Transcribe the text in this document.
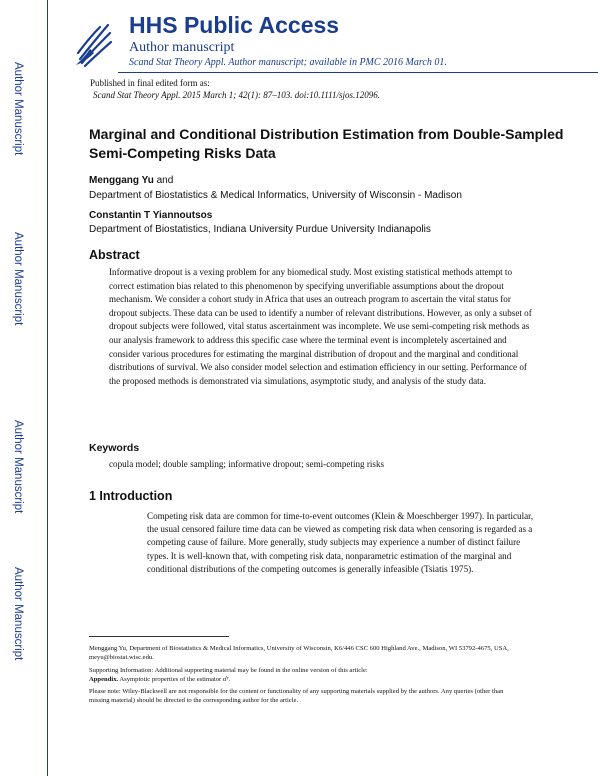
Author Manuscript
Author Manuscript
Author Manuscript
Author Manuscript
HHS Public Access
Author manuscript
Scand Stat Theory Appl. Author manuscript; available in PMC 2016 March 01.
Published in final edited form as:
Scand Stat Theory Appl. 2015 March 1; 42(1): 87–103. doi:10.1111/sjos.12096.
Marginal and Conditional Distribution Estimation from Double-Sampled Semi-Competing Risks Data
Menggang Yu and
Department of Biostatistics & Medical Informatics, University of Wisconsin - Madison
Constantin T Yiannoutsos
Department of Biostatistics, Indiana University Purdue University Indianapolis
Abstract
Informative dropout is a vexing problem for any biomedical study. Most existing statistical methods attempt to correct estimation bias related to this phenomenon by specifying unverifiable assumptions about the dropout mechanism. We consider a cohort study in Africa that uses an outreach program to ascertain the vital status for dropout subjects. These data can be used to identify a number of relevant distributions. However, as only a subset of dropout subjects were followed, vital status ascertainment was incomplete. We use semi-competing risk methods as our analysis framework to address this specific case where the terminal event is incompletely ascertained and consider various procedures for estimating the marginal distribution of dropout and the marginal and conditional distributions of survival. We also consider model selection and estimation efficiency in our setting. Performance of the proposed methods is demonstrated via simulations, asymptotic study, and analysis of the study data.
Keywords
copula model; double sampling; informative dropout; semi-competing risks
1 Introduction
Competing risk data are common for time-to-event outcomes (Klein & Moeschberger 1997). In particular, the usual censored failure time data can be viewed as competing risk data when censoring is regarded as a competing cause of failure. More generally, study subjects may experience a number of distinct failure types. It is well-known that, with competing risk data, nonparametric estimation of the marginal and conditional distributions of the competing outcomes is generally infeasible (Tsiatis 1975).
Menggang Yu, Department of Biostatistics & Medical Informatics, University of Wisconsin, K6/446 CSC 600 Highland Ave., Madison, WI 53792-4675, USA, meyu@biostat.wisc.edu.
Supporting Information: Additional supporting material may be found in the online version of this article:
Appendix. Asymptotic properties of the estimator α̂ᵀ.
Please note: Wiley-Blackwell are not responsible for the content or functionality of any supporting materials supplied by the authors. Any queries (other than missing material) should be directed to the corresponding author for the article.
